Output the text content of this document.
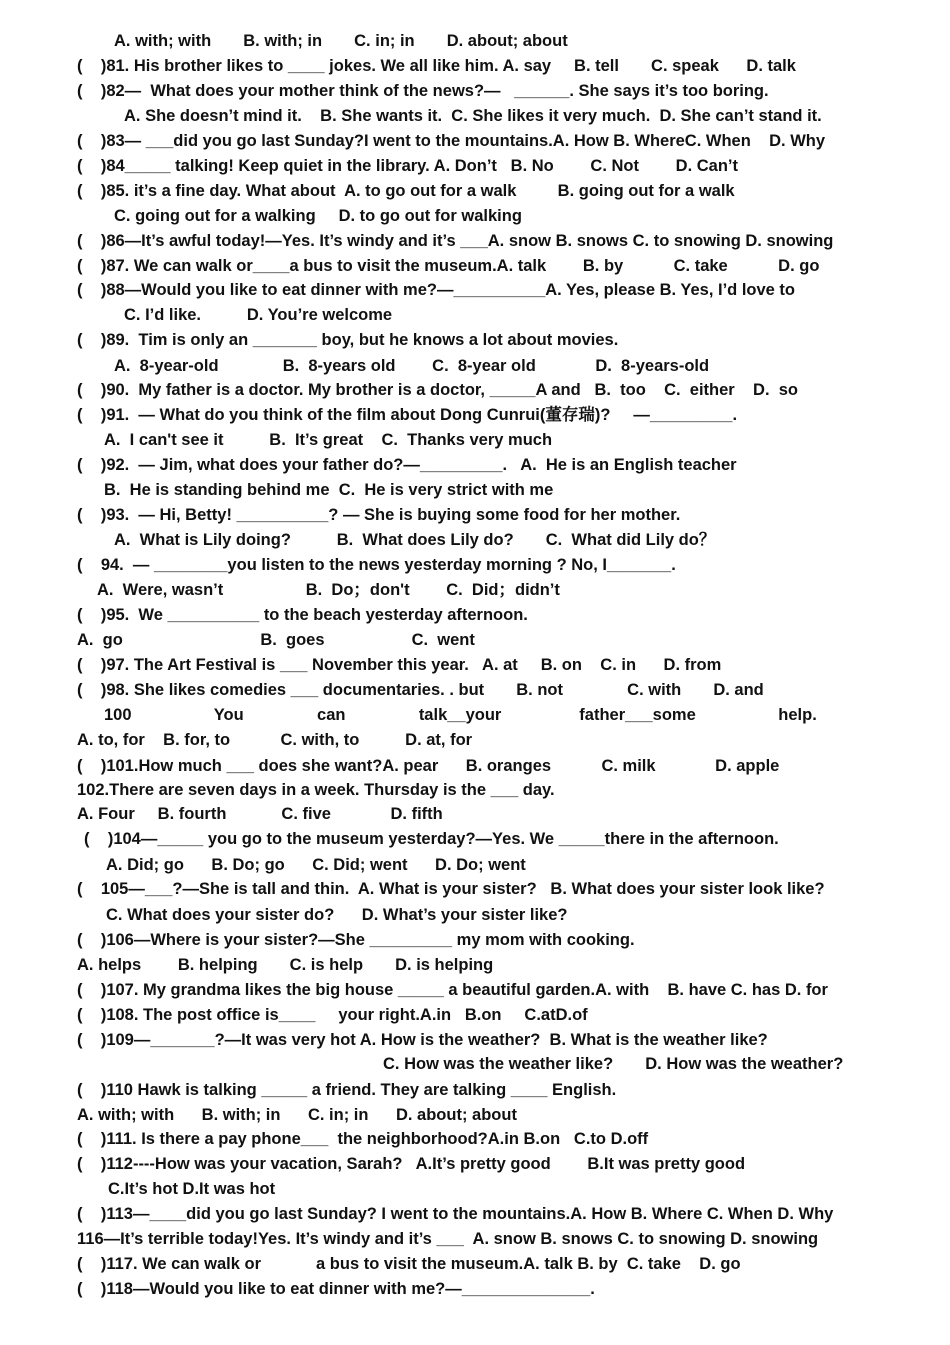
A. with; with       B. with; in       C. in; in       D. about; about
(    )81. His brother likes to ____ jokes. We all like him. A. say     B. tell       C. speak      D. talk
(    )82—  What does your mother think of the news?—   ______. She says it’s too boring.
A. She doesn’t mind it.    B. She wants it.  C. She likes it very much.  D. She can’t stand it.
(    )83— ___did you go last Sunday?I went to the mountains.A. How B. WhereC. When    D. Why
(    )84_____ talking! Keep quiet in the library. A. Don’t   B. No        C. Not        D. Can’t
(    )85. it’s a fine day. What about  A. to go out for a walk         B. going out for a walk
C. going out for a walking     D. to go out for walking
(    )86—It’s awful today!—Yes. It’s windy and it’s ___A. snow B. snows C. to snowing D. snowing
(    )87. We can walk or____a bus to visit the museum.A. talk        B. by           C. take           D. go
(    )88—Would you like to eat dinner with me?—__________A. Yes, please B. Yes, I’d love to
C. I’d like.          D. You’re welcome
(    )89.  Tim is only an _______ boy, but he knows a lot about movies.
A.  8-year-old              B.  8-years old        C.  8-year old             D.  8-years-old
(    )90.  My father is a doctor. My brother is a doctor, _____A and   B.  too    C.  either    D.  so
(    )91.  — What do you think of the film about Dong Cunrui(董存瑞)?     —_________.
A.  I can't see it          B.  It’s great    C.  Thanks very much
(    )92.  — Jim, what does your father do?—_________.   A.  He is an English teacher
B.  He is standing behind me  C.  He is very strict with me
(    )93.  — Hi, Betty! __________? — She is buying some food for her mother.
A.  What is Lily doing?          B.  What does Lily do?       C.  What did Lily do？
(    94.  — ________you listen to the news yesterday morning ? No, I_______.
A.  Were, wasn’t                  B.  Do；don't        C.  Did；didn’t
(    )95.  We __________ to the beach yesterday afternoon.
A.  go                              B.  goes                   C.  went
(    )97. The Art Festival is ___ November this year.   A. at     B. on    C. in      D. from
(    )98. She likes comedies ___ documentaries. . but       B. not              C. with       D. and
100                  You                can                talk__your                 father___some                  help.
A. to, for    B. for, to           C. with, to          D. at, for
(    )101.How much ___ does she want?A. pear      B. oranges           C. milk             D. apple
102.There are seven days in a week. Thursday is the ___ day.
A. Four     B. fourth            C. five             D. fifth
(    )104—_____ you go to the museum yesterday?—Yes. We _____there in the afternoon.
A. Did; go      B. Do; go      C. Did; went      D. Do; went
(    105—___?—She is tall and thin.  A. What is your sister?   B. What does your sister look like?
C. What does your sister do?      D. What’s your sister like?
(    )106—Where is your sister?—She _________ my mom with cooking.
A. helps        B. helping       C. is help       D. is helping
(    )107. My grandma likes the big house _____ a beautiful garden.A. with    B. have C. has D. for
(    )108. The post office is____     your right.A.in   B.on     C.atD.of
(    )109—_______?—It was very hot A. How is the weather?  B. What is the weather like?
C. How was the weather like?       D. How was the weather?
(    )110 Hawk is talking _____ a friend. They are talking ____ English.
A. with; with      B. with; in      C. in; in      D. about; about
(    )111. Is there a pay phone___  the neighborhood?A.in B.on   C.to D.off
(    )112----How was your vacation, Sarah?   A.It’s pretty good        B.It was pretty good
C.It’s hot D.It was hot
(    )113—____did you go last Sunday? I went to the mountains.A. How B. Where C. When D. Why
116—It’s terrible today!Yes. It’s windy and it’s ___  A. snow B. snows C. to snowing D. snowing
(    )117. We can walk or            a bus to visit the museum.A. talk B. by  C. take    D. go
(    )118—Would you like to eat dinner with me?—______________.
